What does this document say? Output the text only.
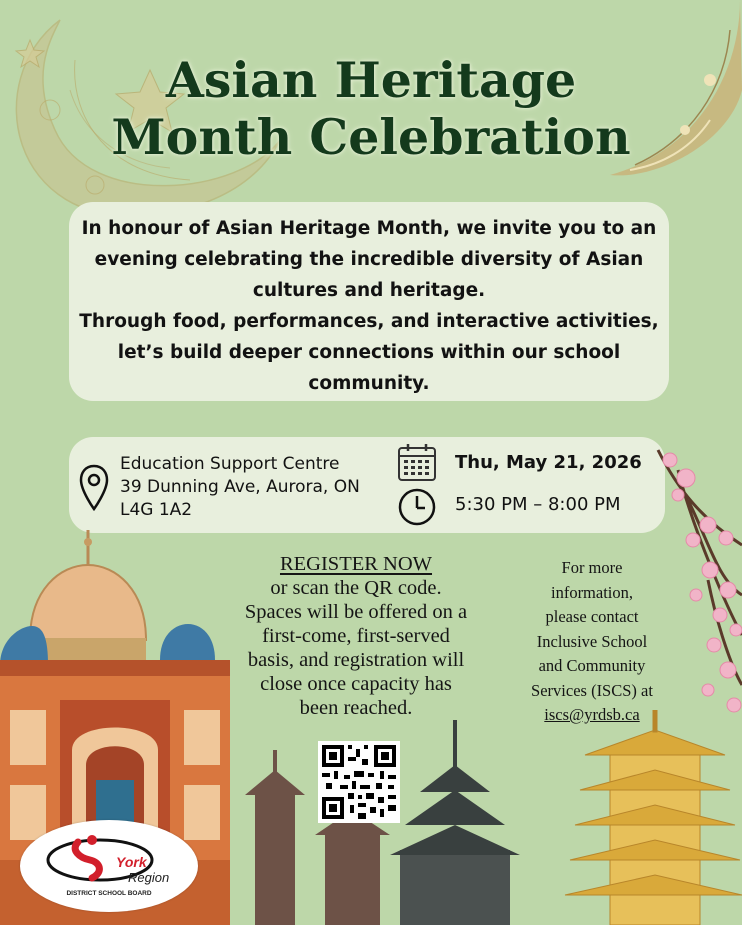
Asian Heritage
Month Celebration

In honour of Asian Heritage Month, we invite you to an evening celebrating the incredible diversity of Asian cultures and heritage.

Through food, performances, and interactive activities, let’s build deeper connections within our school community.

Education Support Centre
39 Dunning Ave, Aurora, ON
L4G 1A2
Thu, May 21, 2026
5:30 PM – 8:00 PM
REGISTER NOW
or scan the QR code.
Spaces will be offered on a
first-come, first-served
basis, and registration will
close once capacity has
been reached.
For more
information,
please contact
Inclusive School
and Community
Services (ISCS) at
iscs@yrdsb.ca
York
Region
DISTRICT SCHOOL BOARD
